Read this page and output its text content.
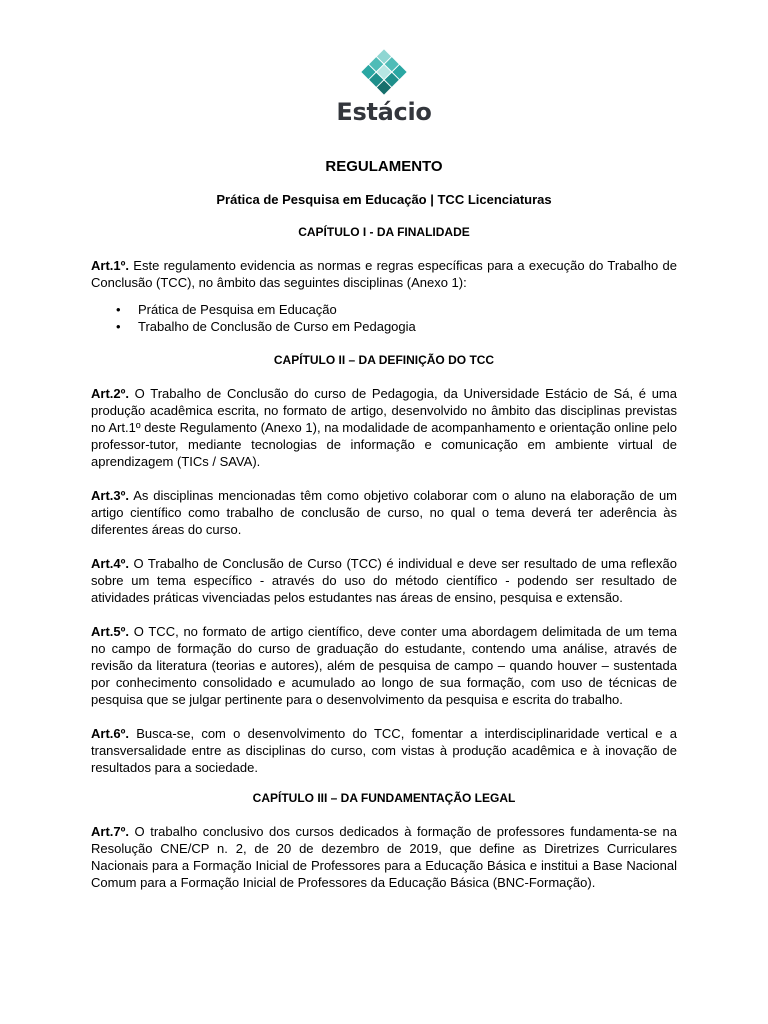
Estácio
REGULAMENTO
Prática de Pesquisa em Educação | TCC Licenciaturas
CAPÍTULO I - DA FINALIDADE

Art.1º. Este regulamento evidencia as normas e regras específicas para a execução do Trabalho de Conclusão (TCC), no âmbito das seguintes disciplinas (Anexo 1):

• Prática de Pesquisa em Educação
• Trabalho de Conclusão de Curso em Pedagogia
CAPÍTULO II – DA DEFINIÇÃO DO TCC

Art.2º. O Trabalho de Conclusão do curso de Pedagogia, da Universidade Estácio de Sá, é uma produção acadêmica escrita, no formato de artigo, desenvolvido no âmbito das disciplinas previstas no Art.1º deste Regulamento (Anexo 1), na modalidade de acompanhamento e orientação online pelo professor-tutor, mediante tecnologias de informação e comunicação em ambiente virtual de aprendizagem (TICs / SAVA).

Art.3º. As disciplinas mencionadas têm como objetivo colaborar com o aluno na elaboração de um artigo científico como trabalho de conclusão de curso, no qual o tema deverá ter aderência às diferentes áreas do curso.

Art.4º. O Trabalho de Conclusão de Curso (TCC) é individual e deve ser resultado de uma reflexão sobre um tema específico - através do uso do método científico - podendo ser resultado de atividades práticas vivenciadas pelos estudantes nas áreas de ensino, pesquisa e extensão.

Art.5º. O TCC, no formato de artigo científico, deve conter uma abordagem delimitada de um tema no campo de formação do curso de graduação do estudante, contendo uma análise, através de revisão da literatura (teorias e autores), além de pesquisa de campo – quando houver – sustentada por conhecimento consolidado e acumulado ao longo de sua formação, com uso de técnicas de pesquisa que se julgar pertinente para o desenvolvimento da pesquisa e escrita do trabalho.

Art.6º. Busca-se, com o desenvolvimento do TCC, fomentar a interdisciplinaridade vertical e a transversalidade entre as disciplinas do curso, com vistas à produção acadêmica e à inovação de resultados para a sociedade.

CAPÍTULO III – DA FUNDAMENTAÇÃO LEGAL

Art.7º. O trabalho conclusivo dos cursos dedicados à formação de professores fundamenta-se na Resolução CNE/CP n. 2, de 20 de dezembro de 2019, que define as Diretrizes Curriculares Nacionais para a Formação Inicial de Professores para a Educação Básica e institui a Base Nacional Comum para a Formação Inicial de Professores da Educação Básica (BNC-Formação).
